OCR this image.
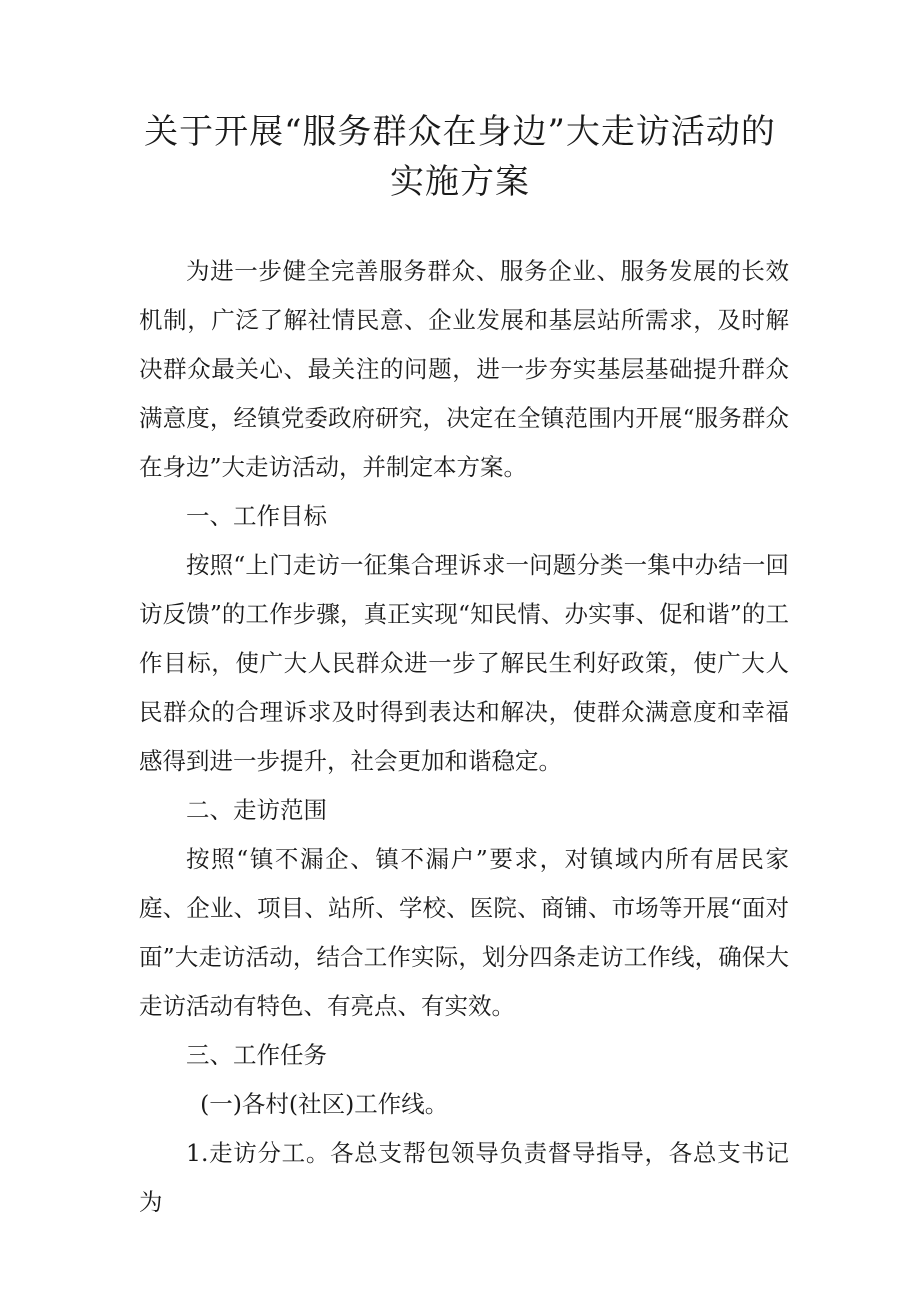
关于开展“服务群众在身边”大走访活动的
实施方案

为进一步健全完善服务群众、服务企业、服务发展的长效机制，广泛了解社情民意、企业发展和基层站所需求，及时解决群众最关心、最关注的问题，进一步夯实基层基础提升群众满意度，经镇党委政府研究，决定在全镇范围内开展“服务群众在身边”大走访活动，并制定本方案。

一、工作目标

按照“上门走访一征集合理诉求一问题分类一集中办结一回访反馈”的工作步骤，真正实现“知民情、办实事、促和谐”的工作目标，使广大人民群众进一步了解民生利好政策，使广大人民群众的合理诉求及时得到表达和解决，使群众满意度和幸福感得到进一步提升，社会更加和谐稳定。

二、走访范围

按照“镇不漏企、镇不漏户”要求，对镇域内所有居民家庭、企业、项目、站所、学校、医院、商铺、市场等开展“面对面”大走访活动，结合工作实际，划分四条走访工作线，确保大走访活动有特色、有亮点、有实效。

三、工作任务

(一)各村(社区)工作线。

1.走访分工。各总支帮包领导负责督导指导，各总支书记为
